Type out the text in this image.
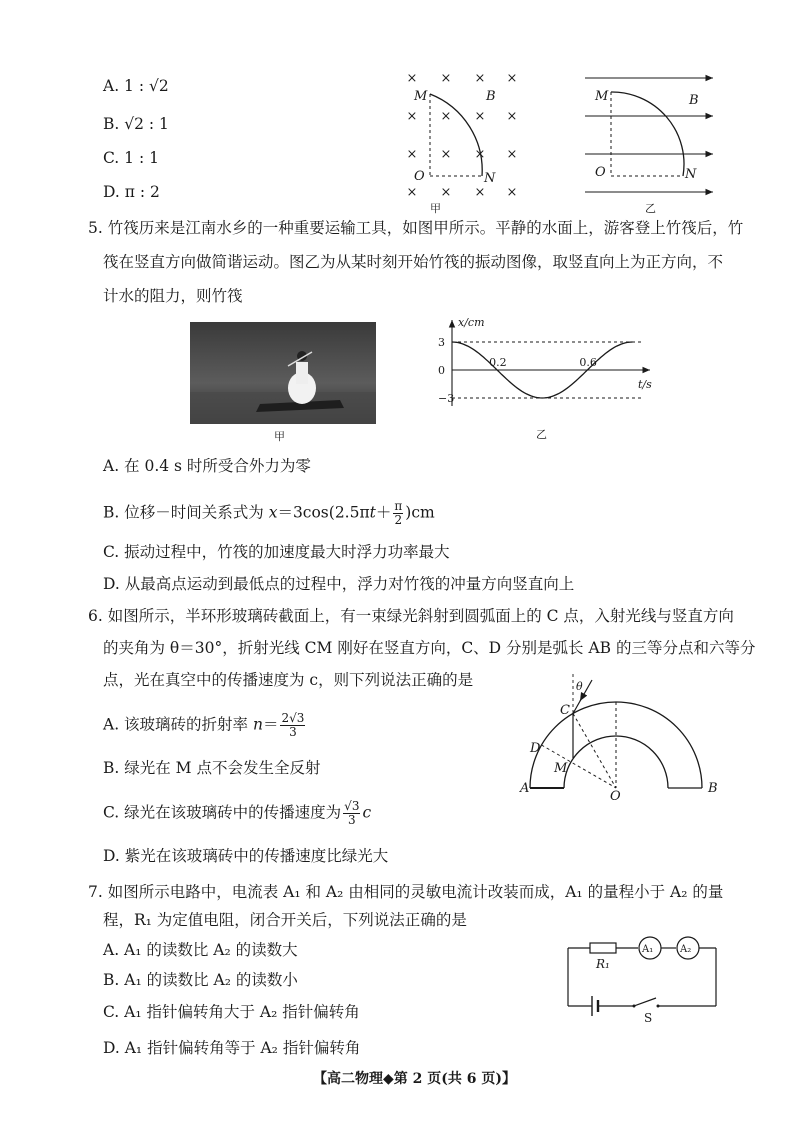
A. 1 : √2
B. √2 : 1
C. 1 : 1
D. π : 2
× × × ×
× × × ×
× × × ×
× × × ×
M	B
O	N
甲
M	B
O	N
乙
5. 竹筏历来是江南水乡的一种重要运输工具，如图甲所示。平静的水面上，游客登上竹筏后，竹
筏在竖直方向做简谐运动。图乙为从某时刻开始竹筏的振动图像，取竖直向上为正方向，不
计水的阻力，则竹筏
甲
3
0
−3
0.2	0.6
x/cm
t/s
乙
A. 在 0.4 s 时所受合外力为零
B. 位移－时间关系式为 $x=3\cos(2.5\pi t+ \frac{\pi}{2} )cm$
C. 振动过程中，竹筏的加速度最大时浮力功率最大
D. 从最高点运动到最低点的过程中，浮力对竹筏的冲量方向竖直向上
6. 如图所示，半环形玻璃砖截面上，有一束绿光斜射到圆弧面上的 C 点，入射光线与竖直方向
的夹角为 θ＝30°，折射光线 CM 刚好在竖直方向，C、D 分别是弧长 AB 的三等分点和六等分
点，光在真空中的传播速度为 c，则下列说法正确的是
A. 该玻璃砖的折射率 $n= \frac{2√3}{3}$
B. 绿光在 M 点不会发生全反射
C. 绿光在该玻璃砖中的传播速度为 $\frac{√3}{3}$ c
D. 紫光在该玻璃砖中的传播速度比绿光大
θ
C
D
M
A
O
B
7. 如图所示电路中，电流表 A₁ 和 A₂ 由相同的灵敏电流计改装而成，A₁ 的量程小于 A₂ 的量
程，R₁ 为定值电阻，闭合开关后，下列说法正确的是
A. A₁ 的读数比 A₂ 的读数大
B. A₁ 的读数比 A₂ 的读数小
C. A₁ 指针偏转角大于 A₂ 指针偏转角
D. A₁ 指针偏转角等于 A₂ 指针偏转角
R₁
A₁	A₂
S
【高二物理◆第 2 页(共 6 页)】
